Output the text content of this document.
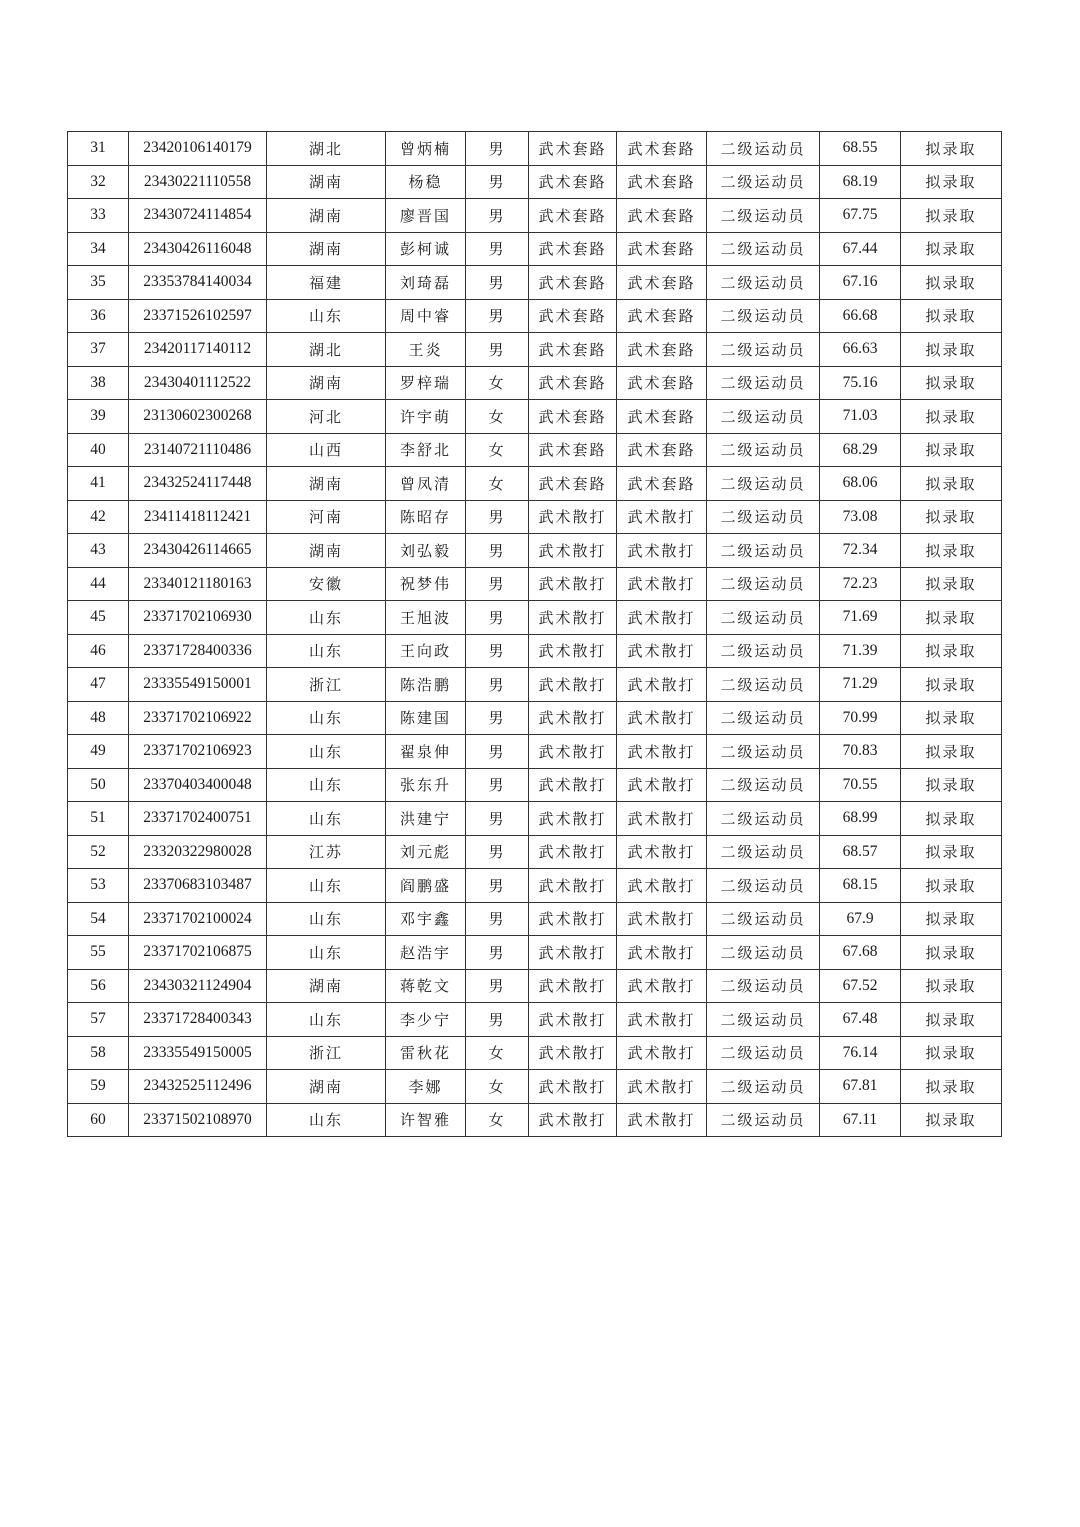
31	23420106140179	湖北	曾炳楠	男	武术套路	武术套路	二级运动员	68.55	拟录取
32	23430221110558	湖南	杨稳	男	武术套路	武术套路	二级运动员	68.19	拟录取
33	23430724114854	湖南	廖晋国	男	武术套路	武术套路	二级运动员	67.75	拟录取
34	23430426116048	湖南	彭柯诚	男	武术套路	武术套路	二级运动员	67.44	拟录取
35	23353784140034	福建	刘琦磊	男	武术套路	武术套路	二级运动员	67.16	拟录取
36	23371526102597	山东	周中睿	男	武术套路	武术套路	二级运动员	66.68	拟录取
37	23420117140112	湖北	王炎	男	武术套路	武术套路	二级运动员	66.63	拟录取
38	23430401112522	湖南	罗梓瑞	女	武术套路	武术套路	二级运动员	75.16	拟录取
39	23130602300268	河北	许宇萌	女	武术套路	武术套路	二级运动员	71.03	拟录取
40	23140721110486	山西	李舒北	女	武术套路	武术套路	二级运动员	68.29	拟录取
41	23432524117448	湖南	曾凤清	女	武术套路	武术套路	二级运动员	68.06	拟录取
42	23411418112421	河南	陈昭存	男	武术散打	武术散打	二级运动员	73.08	拟录取
43	23430426114665	湖南	刘弘毅	男	武术散打	武术散打	二级运动员	72.34	拟录取
44	23340121180163	安徽	祝梦伟	男	武术散打	武术散打	二级运动员	72.23	拟录取
45	23371702106930	山东	王旭波	男	武术散打	武术散打	二级运动员	71.69	拟录取
46	23371728400336	山东	王向政	男	武术散打	武术散打	二级运动员	71.39	拟录取
47	23335549150001	浙江	陈浩鹏	男	武术散打	武术散打	二级运动员	71.29	拟录取
48	23371702106922	山东	陈建国	男	武术散打	武术散打	二级运动员	70.99	拟录取
49	23371702106923	山东	翟泉伸	男	武术散打	武术散打	二级运动员	70.83	拟录取
50	23370403400048	山东	张东升	男	武术散打	武术散打	二级运动员	70.55	拟录取
51	23371702400751	山东	洪建宁	男	武术散打	武术散打	二级运动员	68.99	拟录取
52	23320322980028	江苏	刘元彪	男	武术散打	武术散打	二级运动员	68.57	拟录取
53	23370683103487	山东	阎鹏盛	男	武术散打	武术散打	二级运动员	68.15	拟录取
54	23371702100024	山东	邓宇鑫	男	武术散打	武术散打	二级运动员	67.9	拟录取
55	23371702106875	山东	赵浩宇	男	武术散打	武术散打	二级运动员	67.68	拟录取
56	23430321124904	湖南	蒋乾文	男	武术散打	武术散打	二级运动员	67.52	拟录取
57	23371728400343	山东	李少宁	男	武术散打	武术散打	二级运动员	67.48	拟录取
58	23335549150005	浙江	雷秋花	女	武术散打	武术散打	二级运动员	76.14	拟录取
59	23432525112496	湖南	李娜	女	武术散打	武术散打	二级运动员	67.81	拟录取
60	23371502108970	山东	许智雅	女	武术散打	武术散打	二级运动员	67.11	拟录取
